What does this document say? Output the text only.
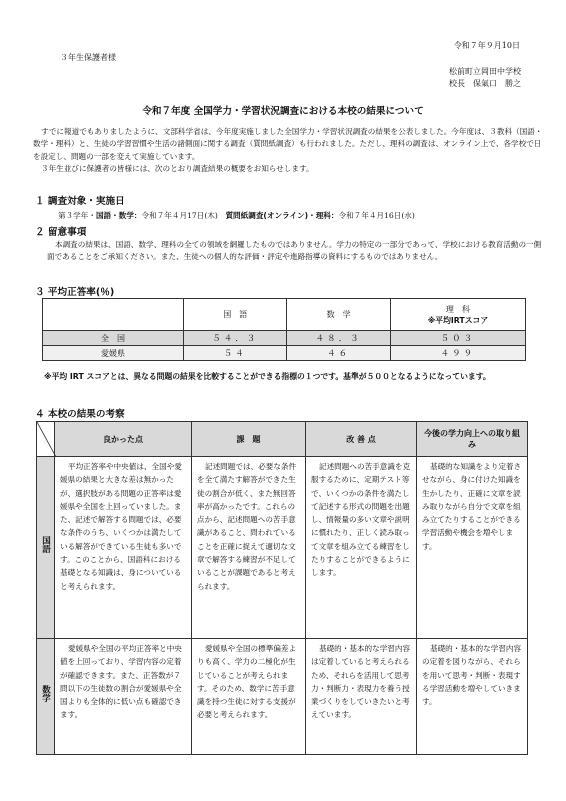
令和７年９月10日
３年生保護者様
松前町立岡田中学校
校長　保氣口　勝之
令和７年度 全国学力・学習状況調査における本校の結果について

すでに報道でもありましたように、文部科学省は、今年度実施しました全国学力・学習状況調査の結果を公表しました。今年度は、３教科（国語・数学・理科）と、生徒の学習習慣や生活の諸側面に関する調査（質問紙調査）も行われました。ただし、理科の調査は、オンライン上で、各学校で日を設定し、問題の一部を変えて実施しています。

３年生並びに保護者の皆様には、次のとおり調査結果の概要をお知らせします。

１ 調査対象・実施日
第３学年・国語・数学：令和７年４月17日(木)　質問紙調査(オンライン)・理科：令和７年４月16日(水)
２ 留意事項

本調査の結果は、国語、数学、理科の全ての領域を網羅したものではありません。学力の特定の一部分であって、学校における教育活動の一側面であることをご承知ください。また、生徒への個人的な評価・評定や進路指導の資料にするものではありません。

３ 平均正答率(％)
	国　語	数　学	理　科
※平均IRTスコア

全　国	５４．３	４８．３	５０３
愛媛県	５４	４６	４９９
※平均 IRT スコアとは、異なる問題の結果を比較することができる指標の１つです。基準が５００となるようになっています。
４ 本校の結果の考察
	良かった点	課　題	改 善 点	今後の学力向上への取り組み
国語	平均正答率や中央値は、全国や愛媛県の結果と大きな差は無かったが、選択肢がある問題の正答率は愛媛県や全国を上回っていました。また、記述で解答する問題では、必要な条件のうち、いくつかは満たしている解答ができている生徒も多いです。このことから、国語科における基礎となる知識は、身についていると考えられます。	記述問題では、必要な条件を全て満たす解答ができた生徒の割合が低く、また無回答率が高かったです。これらの点から、記述問題への苦手意識があること、問われていることを正確に捉えて適切な文章で解答する練習が不足していることが課題であると考えられます。	記述問題への苦手意識を克服するために、定期テスト等で、いくつかの条件を満たして記述する形式の問題を出題し、情報量の多い文章や説明に慣れたり、正しく読み取って文章を組み立てる練習をしたりすることができるようにします。	基礎的な知識をより定着させながら、身に付けた知識を生かしたり、正確に文章を読み取りながら自分で文章を組み立てたりすることができる学習活動や機会を増やします。
数学	愛媛県や全国の平均正答率と中央値を上回っており、学習内容の定着が確認できます。また、正答数が７問以下の生徒数の割合が愛媛県や全国よりも全体的に低い点も確認できます。	愛媛県や全国の標準偏差よりも高く、学力の二極化が生じていることが考えられます。そのため、数学に苦手意識を持つ生徒に対する支援が必要と考えられます。	基礎的・基本的な学習内容は定着していると考えられるため、それらを活用して思考力・判断力・表現力を養う授業づくりをしていきたいと考えています。	基礎的・基本的な学習内容の定着を図りながら、それらを用いて思考・判断・表現する学習活動を増やしていきます。
